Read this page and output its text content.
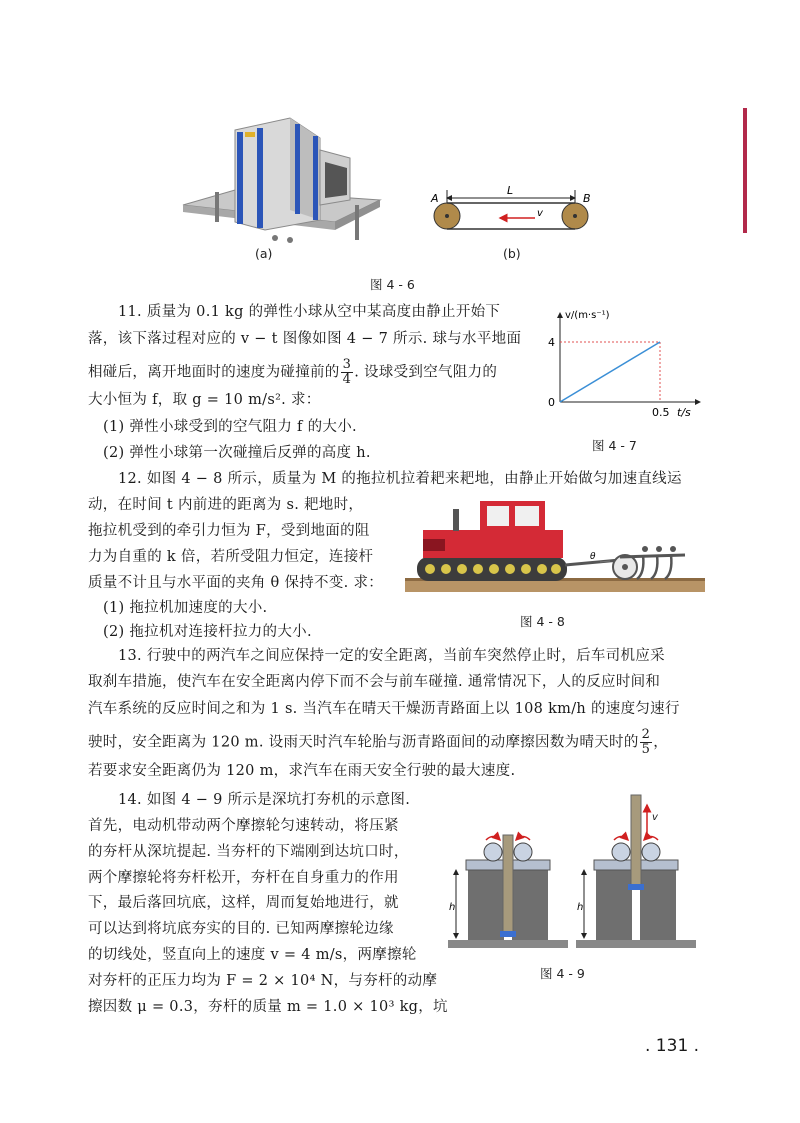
(a)
A	B
L
v
(b)
图 4 - 6
v/(m·s⁻¹)
t/s
4
0
0.5
图 4 - 7
11. 质量为 0.1 kg 的弹性小球从空中某高度由静止开始下
落，该下落过程对应的 v − t 图像如图 4 − 7 所示. 球与水平地面
相碰后，离开地面时的速度为碰撞前的 $\frac{3}{4}$ . 设球受到空气阻力的
大小恒为 f，取 g = 10 m/s². 求：
(1) 弹性小球受到的空气阻力 f 的大小.
(2) 弹性小球第一次碰撞后反弹的高度 h.
12. 如图 4 − 8 所示，质量为 M 的拖拉机拉着耙来耙地，由静止开始做匀加速直线运
动，在时间 t 内前进的距离为 s. 耙地时，
拖拉机受到的牵引力恒为 F，受到地面的阻
力为自重的 k 倍，若所受阻力恒定，连接杆
质量不计且与水平面的夹角 θ 保持不变. 求：
(1) 拖拉机加速度的大小.
(2) 拖拉机对连接杆拉力的大小.
θ
图 4 - 8
13. 行驶中的两汽车之间应保持一定的安全距离，当前车突然停止时，后车司机应采
取刹车措施，使汽车在安全距离内停下而不会与前车碰撞. 通常情况下，人的反应时间和
汽车系统的反应时间之和为 1 s. 当汽车在晴天干燥沥青路面上以 108 km/h 的速度匀速行
驶时，安全距离为 120 m. 设雨天时汽车轮胎与沥青路面间的动摩擦因数为晴天时的 $\frac{2}{5}$ ，
若要求安全距离仍为 120 m，求汽车在雨天安全行驶的最大速度.
14. 如图 4 − 9 所示是深坑打夯机的示意图.
首先，电动机带动两个摩擦轮匀速转动，将压紧
的夯杆从深坑提起. 当夯杆的下端刚到达坑口时，
两个摩擦轮将夯杆松开，夯杆在自身重力的作用
下，最后落回坑底，这样，周而复始地进行，就
可以达到将坑底夯实的目的. 已知两摩擦轮边缘
的切线处，竖直向上的速度 v = 4 m/s，两摩擦轮
对夯杆的正压力均为 F = 2 × 10⁴ N，与夯杆的动摩
擦因数 μ = 0.3，夯杆的质量 m = 1.0 × 10³ kg，坑
h
v
h
图 4 - 9
. 131 .
